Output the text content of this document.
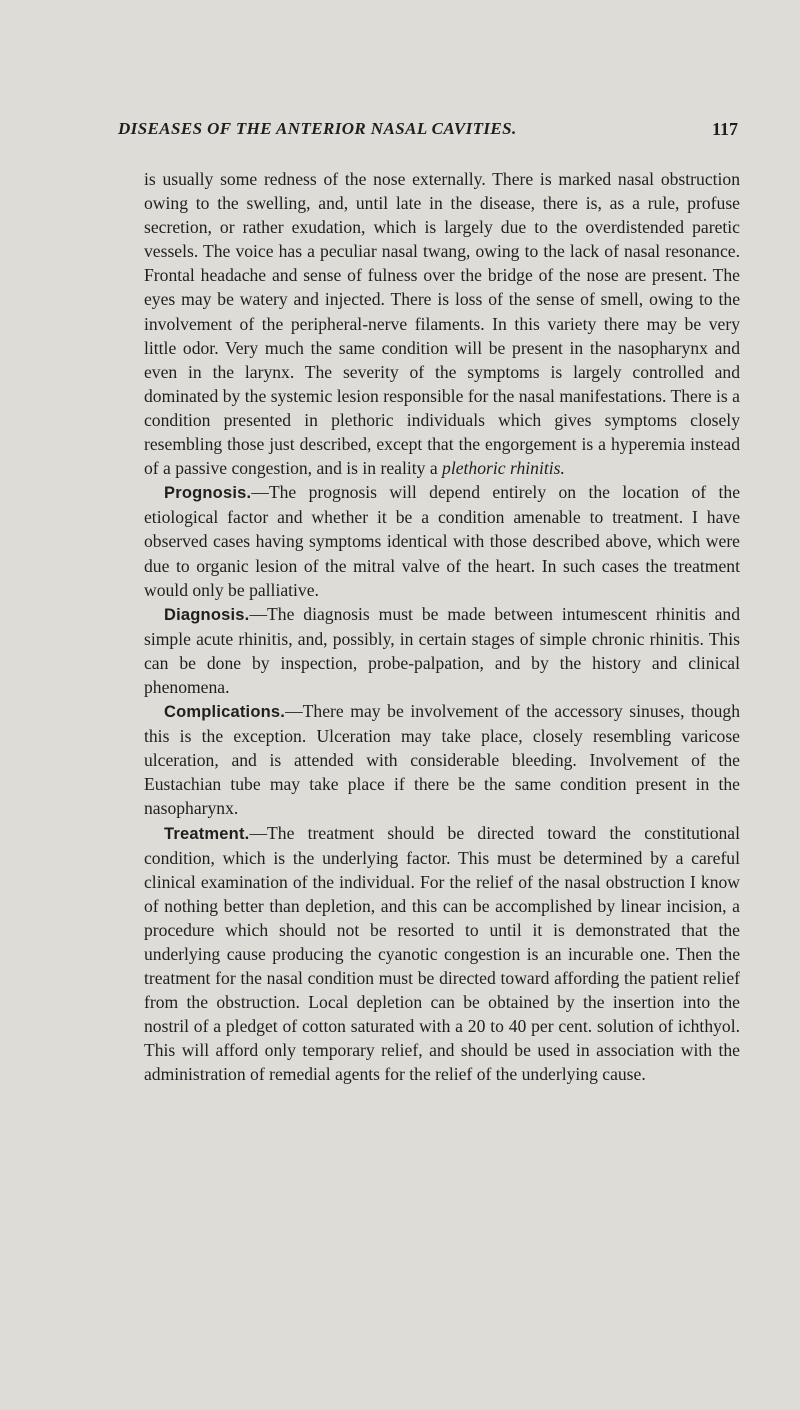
DISEASES OF THE ANTERIOR NASAL CAVITIES.	117

is usually some redness of the nose externally. There is marked nasal obstruction owing to the swelling, and, until late in the disease, there is, as a rule, profuse secretion, or rather exudation, which is largely due to the overdistended paretic vessels. The voice has a peculiar nasal twang, owing to the lack of nasal resonance. Frontal headache and sense of fulness over the bridge of the nose are present. The eyes may be watery and injected. There is loss of the sense of smell, owing to the involvement of the peripheral-nerve filaments. In this variety there may be very little odor. Very much the same condition will be present in the nasopharynx and even in the larynx. The severity of the symptoms is largely controlled and dominated by the systemic lesion responsible for the nasal manifestations. There is a condition presented in plethoric individuals which gives symptoms closely resembling those just described, except that the engorgement is a hyperemia instead of a passive congestion, and is in reality a plethoric rhinitis.

Prognosis.—The prognosis will depend entirely on the location of the etiological factor and whether it be a condition amenable to treatment. I have observed cases having symptoms identical with those described above, which were due to organic lesion of the mitral valve of the heart. In such cases the treatment would only be palliative.

Diagnosis.—The diagnosis must be made between intumescent rhinitis and simple acute rhinitis, and, possibly, in certain stages of simple chronic rhinitis. This can be done by inspection, probe-palpation, and by the history and clinical phenomena.

Complications.—There may be involvement of the accessory sinuses, though this is the exception. Ulceration may take place, closely resembling varicose ulceration, and is attended with considerable bleeding. Involvement of the Eustachian tube may take place if there be the same condition present in the nasopharynx.

Treatment.—The treatment should be directed toward the constitutional condition, which is the underlying factor. This must be determined by a careful clinical examination of the individual. For the relief of the nasal obstruction I know of nothing better than depletion, and this can be accomplished by linear incision, a procedure which should not be resorted to until it is demonstrated that the underlying cause producing the cyanotic congestion is an incurable one. Then the treatment for the nasal condition must be directed toward affording the patient relief from the obstruction. Local depletion can be obtained by the insertion into the nostril of a pledget of cotton saturated with a 20 to 40 per cent. solution of ichthyol. This will afford only temporary relief, and should be used in association with the administration of remedial agents for the relief of the underlying cause.
